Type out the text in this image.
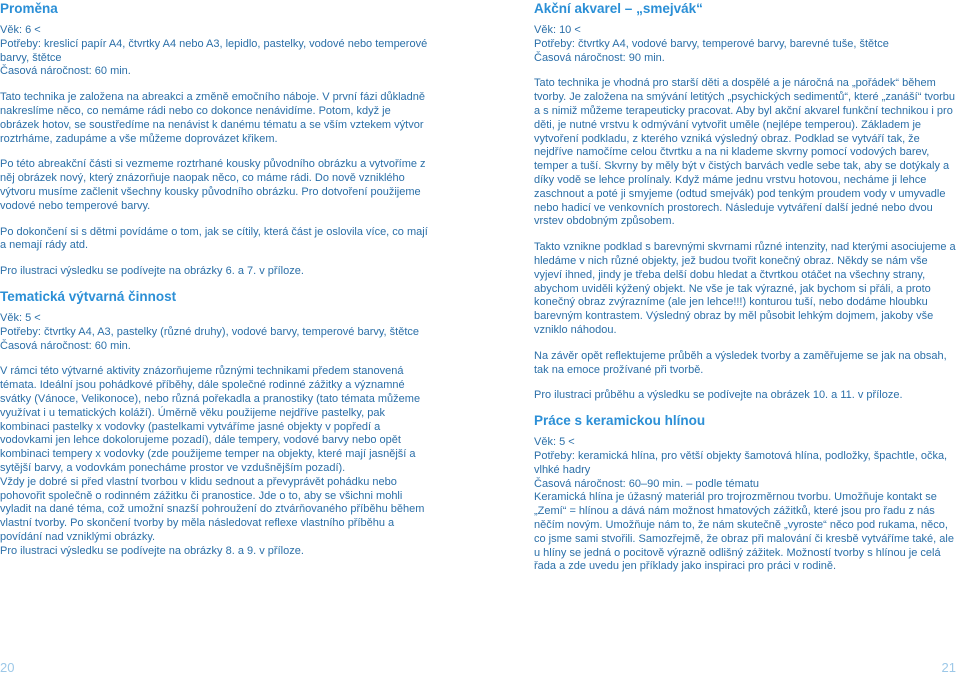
Proměna

Věk: 6 <

Potřeby: kreslicí papír A4, čtvrtky A4 nebo A3, lepidlo, pastelky, vodové nebo temperové barvy, štětce

Časová náročnost: 60 min.

Tato technika je založena na abreakci a změně emočního náboje. V první fázi důkladně nakreslíme něco, co nemáme rádi nebo co dokonce nenávidíme. Potom, když je obrázek hotov, se soustředíme na nenávist k danému tématu a se vším vztekem výtvor roztrháme, zadupáme a vše můžeme doprovázet křikem.

Po této abreakční části si vezmeme roztrhané kousky původního obrázku a vytvoříme z něj obrázek nový, který znázorňuje naopak něco, co máme rádi. Do nově vzniklého výtvoru musíme začlenit všechny kousky původního obrázku. Pro dotvoření použijeme vodové nebo temperové barvy.

Po dokončení si s dětmi povídáme o tom, jak se cítily, která část je oslovila více, co mají a nemají rády atd.

Pro ilustraci výsledku se podívejte na obrázky 6. a 7. v příloze.

Tematická výtvarná činnost

Věk: 5 <

Potřeby: čtvrtky A4, A3, pastelky (různé druhy), vodové barvy, temperové barvy, štětce

Časová náročnost: 60 min.

V rámci této výtvarné aktivity znázorňujeme různými technikami předem stanovená témata. Ideální jsou pohádkové příběhy, dále společné rodinné zážitky a významné svátky (Vánoce, Velikonoce), nebo různá pořekadla a pranostiky (tato témata můžeme využívat i u tematických koláží). Úměrně věku použijeme nejdříve pastelky, pak kombinaci pastelky x vodovky (pastelkami vytváříme jasné objekty v popředí a vodovkami jen lehce dokolorujeme pozadí), dále tempery, vodové barvy nebo opět kombinaci tempery x vodovky (zde použijeme temper na objekty, které mají jasnější a sytější barvy, a vodovkám ponecháme prostor ve vzdušnějším pozadí).

Vždy je dobré si před vlastní tvorbou v klidu sednout a převyprávět pohádku nebo pohovořit společně o rodinném zážitku či pranostice. Jde o to, aby se všichni mohli vyladit na dané téma, což umožní snazší pohroužení do ztvárňovaného příběhu během vlastní tvorby. Po skončení tvorby by měla následovat reflexe vlastního příběhu a povídání nad vzniklými obrázky.

Pro ilustraci výsledku se podívejte na obrázky 8. a 9. v příloze.

Akční akvarel – „smejvák“

Věk: 10 <

Potřeby: čtvrtky A4, vodové barvy, temperové barvy, barevné tuše, štětce

Časová náročnost: 90 min.

Tato technika je vhodná pro starší děti a dospělé a je náročná na „pořádek“ během tvorby. Je založena na smývání letitých „psychických sedimentů“, které „zanáší“ tvorbu a s nimiž můžeme terapeuticky pracovat. Aby byl akční akvarel funkční technikou i pro děti, je nutné vrstvu k odmývání vytvořit uměle (nejlépe temperou). Základem je vytvoření podkladu, z kterého vzniká výsledný obraz. Podklad se vytváří tak, že nejdříve namočíme celou čtvrtku a na ni klademe skvrny pomocí vodových barev, temper a tuší. Skvrny by měly být v čistých barvách vedle sebe tak, aby se dotýkaly a díky vodě se lehce prolínaly. Když máme jednu vrstvu hotovou, necháme ji lehce zaschnout a poté ji smyjeme (odtud smejvák) pod tenkým proudem vody v umyvadle nebo hadicí ve venkovních prostorech. Následuje vytváření další jedné nebo dvou vrstev obdobným způsobem.

Takto vznikne podklad s barevnými skvrnami různé intenzity, nad kterými asociujeme a hledáme v nich různé objekty, jež budou tvořit konečný obraz. Někdy se nám vše vyjeví ihned, jindy je třeba delší dobu hledat a čtvrtkou otáčet na všechny strany, abychom uviděli kýžený objekt. Ne vše je tak výrazné, jak bychom si přáli, a proto konečný obraz zvýrazníme (ale jen lehce!!!) konturou tuší, nebo dodáme hloubku barevným kontrastem. Výsledný obraz by měl působit lehkým dojmem, jakoby vše vzniklo náhodou.

Na závěr opět reflektujeme průběh a výsledek tvorby a zaměřujeme se jak na obsah, tak na emoce prožívané při tvorbě.

Pro ilustraci průběhu a výsledku se podívejte na obrázek 10. a 11. v příloze.

Práce s keramickou hlínou

Věk: 5 <

Potřeby: keramická hlína, pro větší objekty šamotová hlína, podložky, špachtle, očka, vlhké hadry

Časová náročnost: 60–90 min. – podle tématu

Keramická hlína je úžasný materiál pro trojrozměrnou tvorbu. Umožňuje kontakt se „Zemí“ = hlínou a dává nám možnost hmatových zážitků, které jsou pro řadu z nás něčím novým. Umožňuje nám to, že nám skutečně „vyroste“ něco pod rukama, něco, co jsme sami stvořili. Samozřejmě, že obraz při malování či kresbě vytváříme také, ale u hlíny se jedná o pocitově výrazně odlišný zážitek. Možností tvorby s hlínou je celá řada a zde uvedu jen příklady jako inspiraci pro práci v rodině.

20	21
